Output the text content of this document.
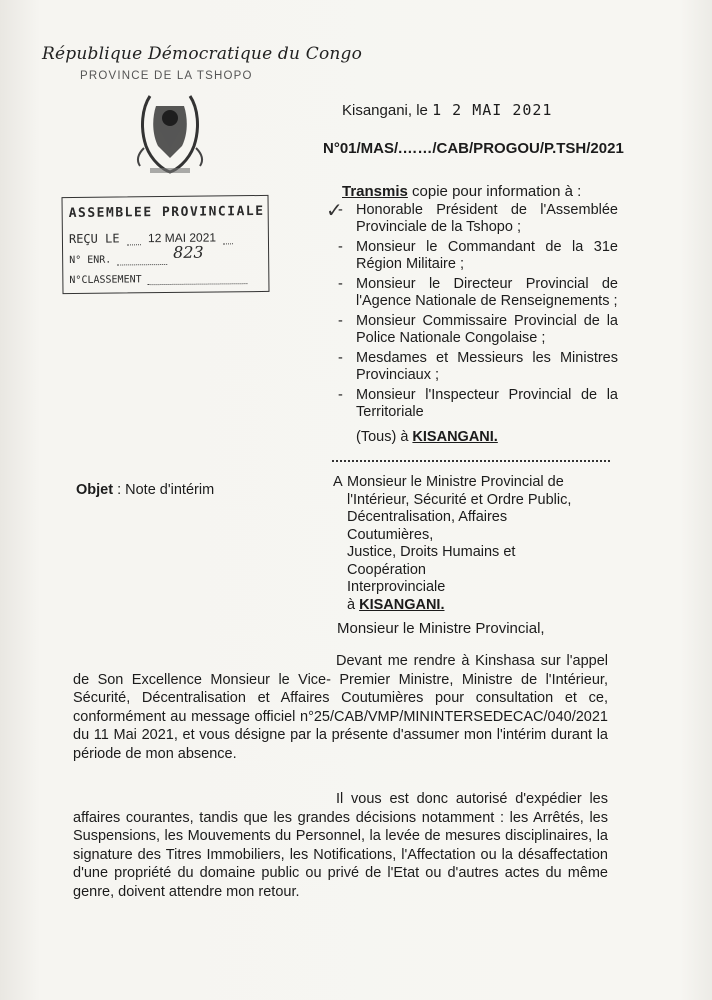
République Démocratique du Congo
PROVINCE DE LA TSHOPO
Kisangani, le 1 2 MAI 2021
N°01/MAS/.……/CAB/PROGOU/P.TSH/2021
ASSEMBLEE PROVINCIALE
REÇU LE 12 MAI 2021
N° ENR.	823
N°CLASSEMENT
Transmis copie pour information à :
✓
- Honorable Président de l'Assemblée Provinciale de la Tshopo ;
- Monsieur le Commandant de la 31e Région Militaire ;
- Monsieur le Directeur Provincial de l'Agence Nationale de Renseignements ;
- Monsieur Commissaire Provincial de la Police Nationale Congolaise ;
- Mesdames et Messieurs les Ministres Provinciaux ;
- Monsieur l'Inspecteur Provincial de la Territoriale
(Tous) à KISANGANI.
Objet : Note d'intérim	A Monsieur le Ministre Provincial de
l'Intérieur, Sécurité et Ordre Public,
Décentralisation, Affaires Coutumières,
Justice, Droits Humains et Coopération
Interprovinciale
à KISANGANI.
Monsieur le Ministre Provincial,
Devant me rendre à Kinshasa sur l'appel de Son Excellence Monsieur le Vice- Premier Ministre, Ministre de l'Intérieur, Sécurité, Décentralisation et Affaires Coutumières pour consultation et ce, conformément au message officiel n°25/CAB/VMP/MININTERSEDECAC/040/2021 du 11 Mai 2021, et vous désigne par la présente d'assumer mon l'intérim durant la période de mon absence.
Il vous est donc autorisé d'expédier les affaires courantes, tandis que les grandes décisions notamment : les Arrêtés, les Suspensions, les Mouvements du Personnel, la levée de mesures disciplinaires, la signature des Titres Immobiliers, les Notifications, l'Affectation ou la désaffectation d'une propriété du domaine public ou privé de l'Etat ou d'autres actes du même genre, doivent attendre mon retour.
